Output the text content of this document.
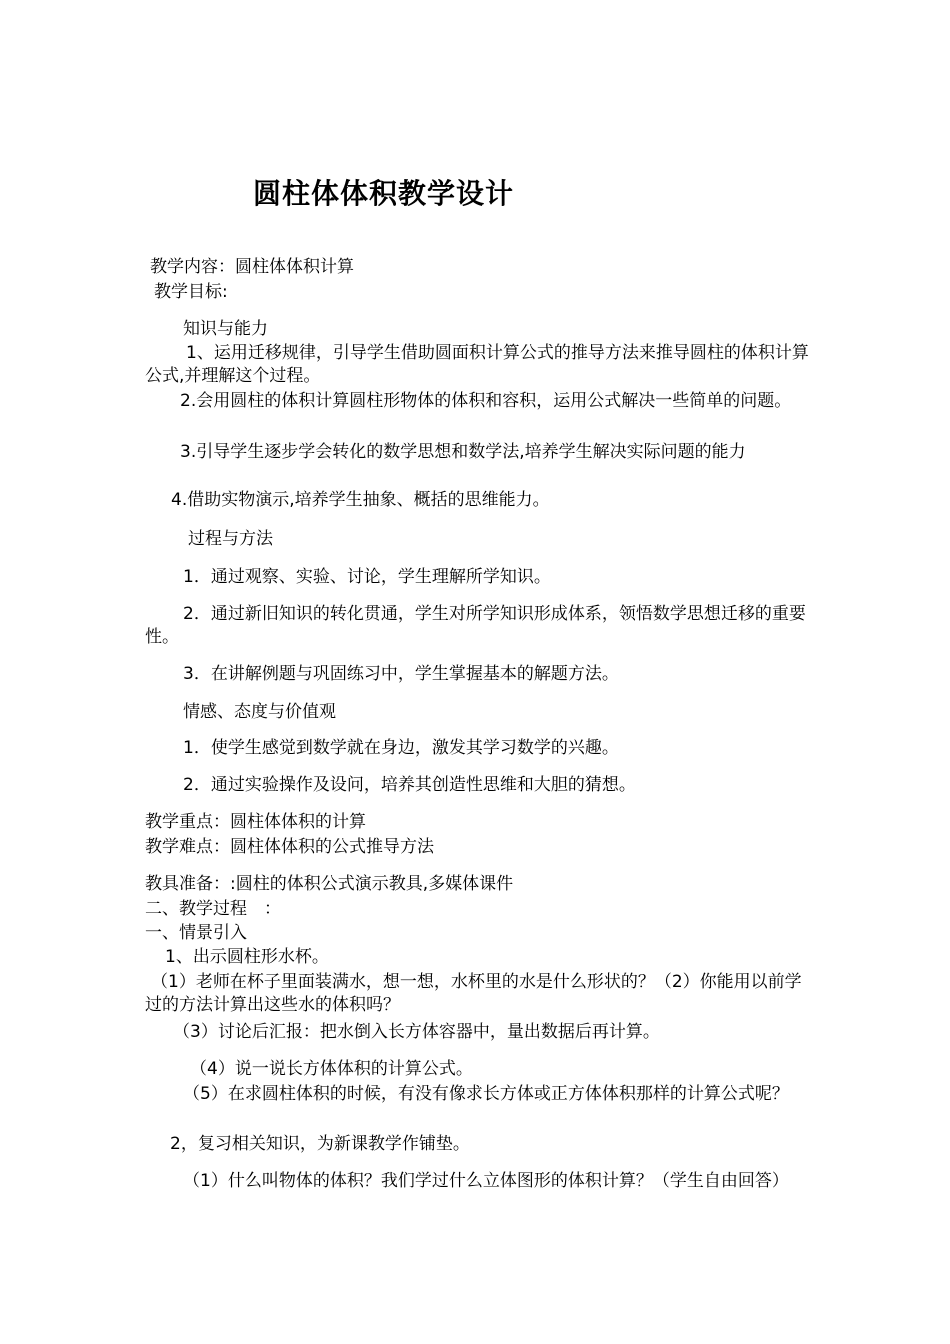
圆柱体体积教学设计
教学内容：圆柱体体积计算
教学目标:
知识与能力
1、运用迁移规律，引导学生借助圆面积计算公式的推导方法来推导圆柱的体积计算公式,并理解这个过程。
2.会用圆柱的体积计算圆柱形物体的体积和容积，运用公式解决一些简单的问题。
3.引导学生逐步学会转化的数学思想和数学法,培养学生解决实际问题的能力
4.借助实物演示,培养学生抽象、概括的思维能力。
过程与方法
1．通过观察、实验、讨论，学生理解所学知识。
2．通过新旧知识的转化贯通，学生对所学知识形成体系，领悟数学思想迁移的重要性。
3．在讲解例题与巩固练习中，学生掌握基本的解题方法。
情感、态度与价值观
1．使学生感觉到数学就在身边，激发其学习数学的兴趣。
2．通过实验操作及设问，培养其创造性思维和大胆的猜想。
教学重点：圆柱体体积的计算
教学难点：圆柱体体积的公式推导方法
教具准备：:圆柱的体积公式演示教具,多媒体课件
二、教学过程　：
一、情景引入
1、出示圆柱形水杯。
（1）老师在杯子里面装满水，想一想，水杯里的水是什么形状的？（2）你能用以前学过的方法计算出这些水的体积吗？
（3）讨论后汇报：把水倒入长方体容器中，量出数据后再计算。
（4）说一说长方体体积的计算公式。
（5）在求圆柱体积的时候，有没有像求长方体或正方体体积那样的计算公式呢？
2，复习相关知识，为新课教学作铺垫。
（1）什么叫物体的体积？我们学过什么立体图形的体积计算？（学生自由回答）
